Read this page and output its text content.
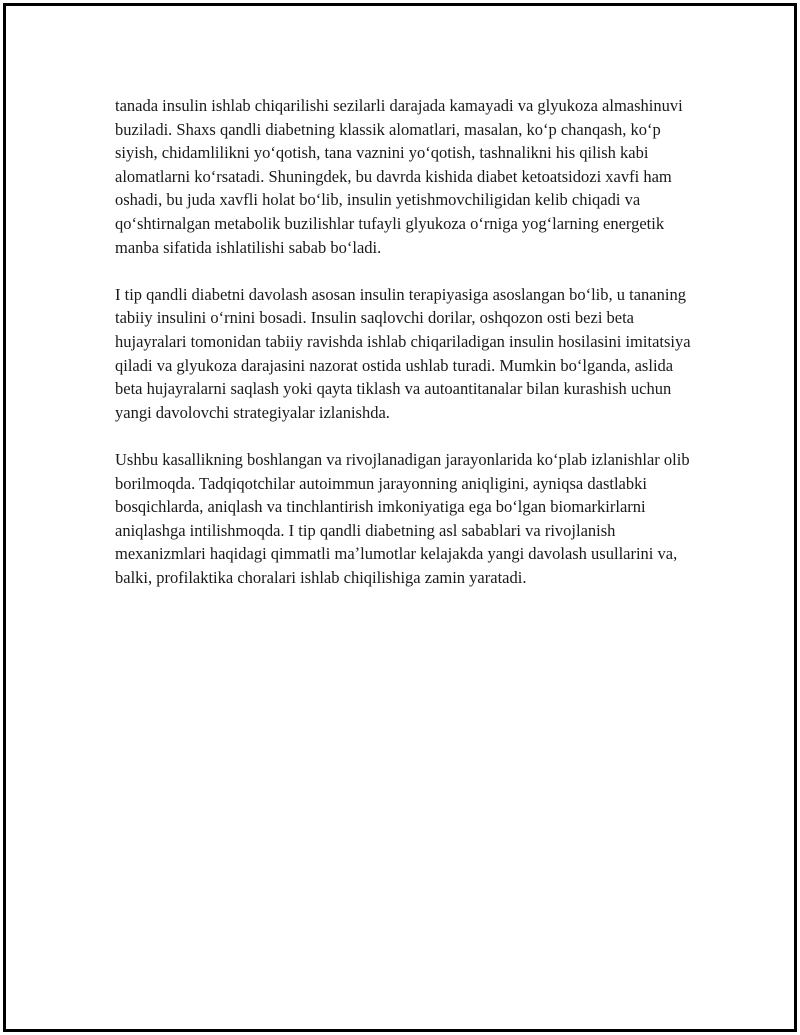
tanada insulin ishlab chiqarilishi sezilarli darajada kamayadi va glyukoza almashinuvi buziladi. Shaxs qandli diabetning klassik alomatlari, masalan, koʻp chanqash, koʻp siyish, chidamlilikni yoʻqotish, tana vaznini yoʻqotish, tashnalikni his qilish kabi alomatlarni koʻrsatadi. Shuningdek, bu davrda kishida diabet ketoatsidozi xavfi ham oshadi, bu juda xavfli holat boʻlib, insulin yetishmovchiligidan kelib chiqadi va qoʻshtirnalgan metabolik buzilishlar tufayli glyukoza oʻrniga yogʻlarning energetik manba sifatida ishlatilishi sabab boʻladi.

I tip qandli diabetni davolash asosan insulin terapiyasiga asoslangan boʻlib, u tananing tabiiy insulini oʻrnini bosadi. Insulin saqlovchi dorilar, oshqozon osti bezi beta hujayralari tomonidan tabiiy ravishda ishlab chiqariladigan insulin hosilasini imitatsiya qiladi va glyukoza darajasini nazorat ostida ushlab turadi. Mumkin boʻlganda, aslida beta hujayralarni saqlash yoki qayta tiklash va autoantitanalar bilan kurashish uchun yangi davolovchi strategiyalar izlanishda.

Ushbu kasallikning boshlangan va rivojlanadigan jarayonlarida koʻplab izlanishlar olib borilmoqda. Tadqiqotchilar autoimmun jarayonning aniqligini, ayniqsa dastlabki bosqichlarda, aniqlash va tinchlantirish imkoniyatiga ega boʻlgan biomarkirlarni aniqlashga intilishmoqda. I tip qandli diabetning asl sabablari va rivojlanish mexanizmlari haqidagi qimmatli maʼlumotlar kelajakda yangi davolash usullarini va, balki, profilaktika choralari ishlab chiqilishiga zamin yaratadi.
